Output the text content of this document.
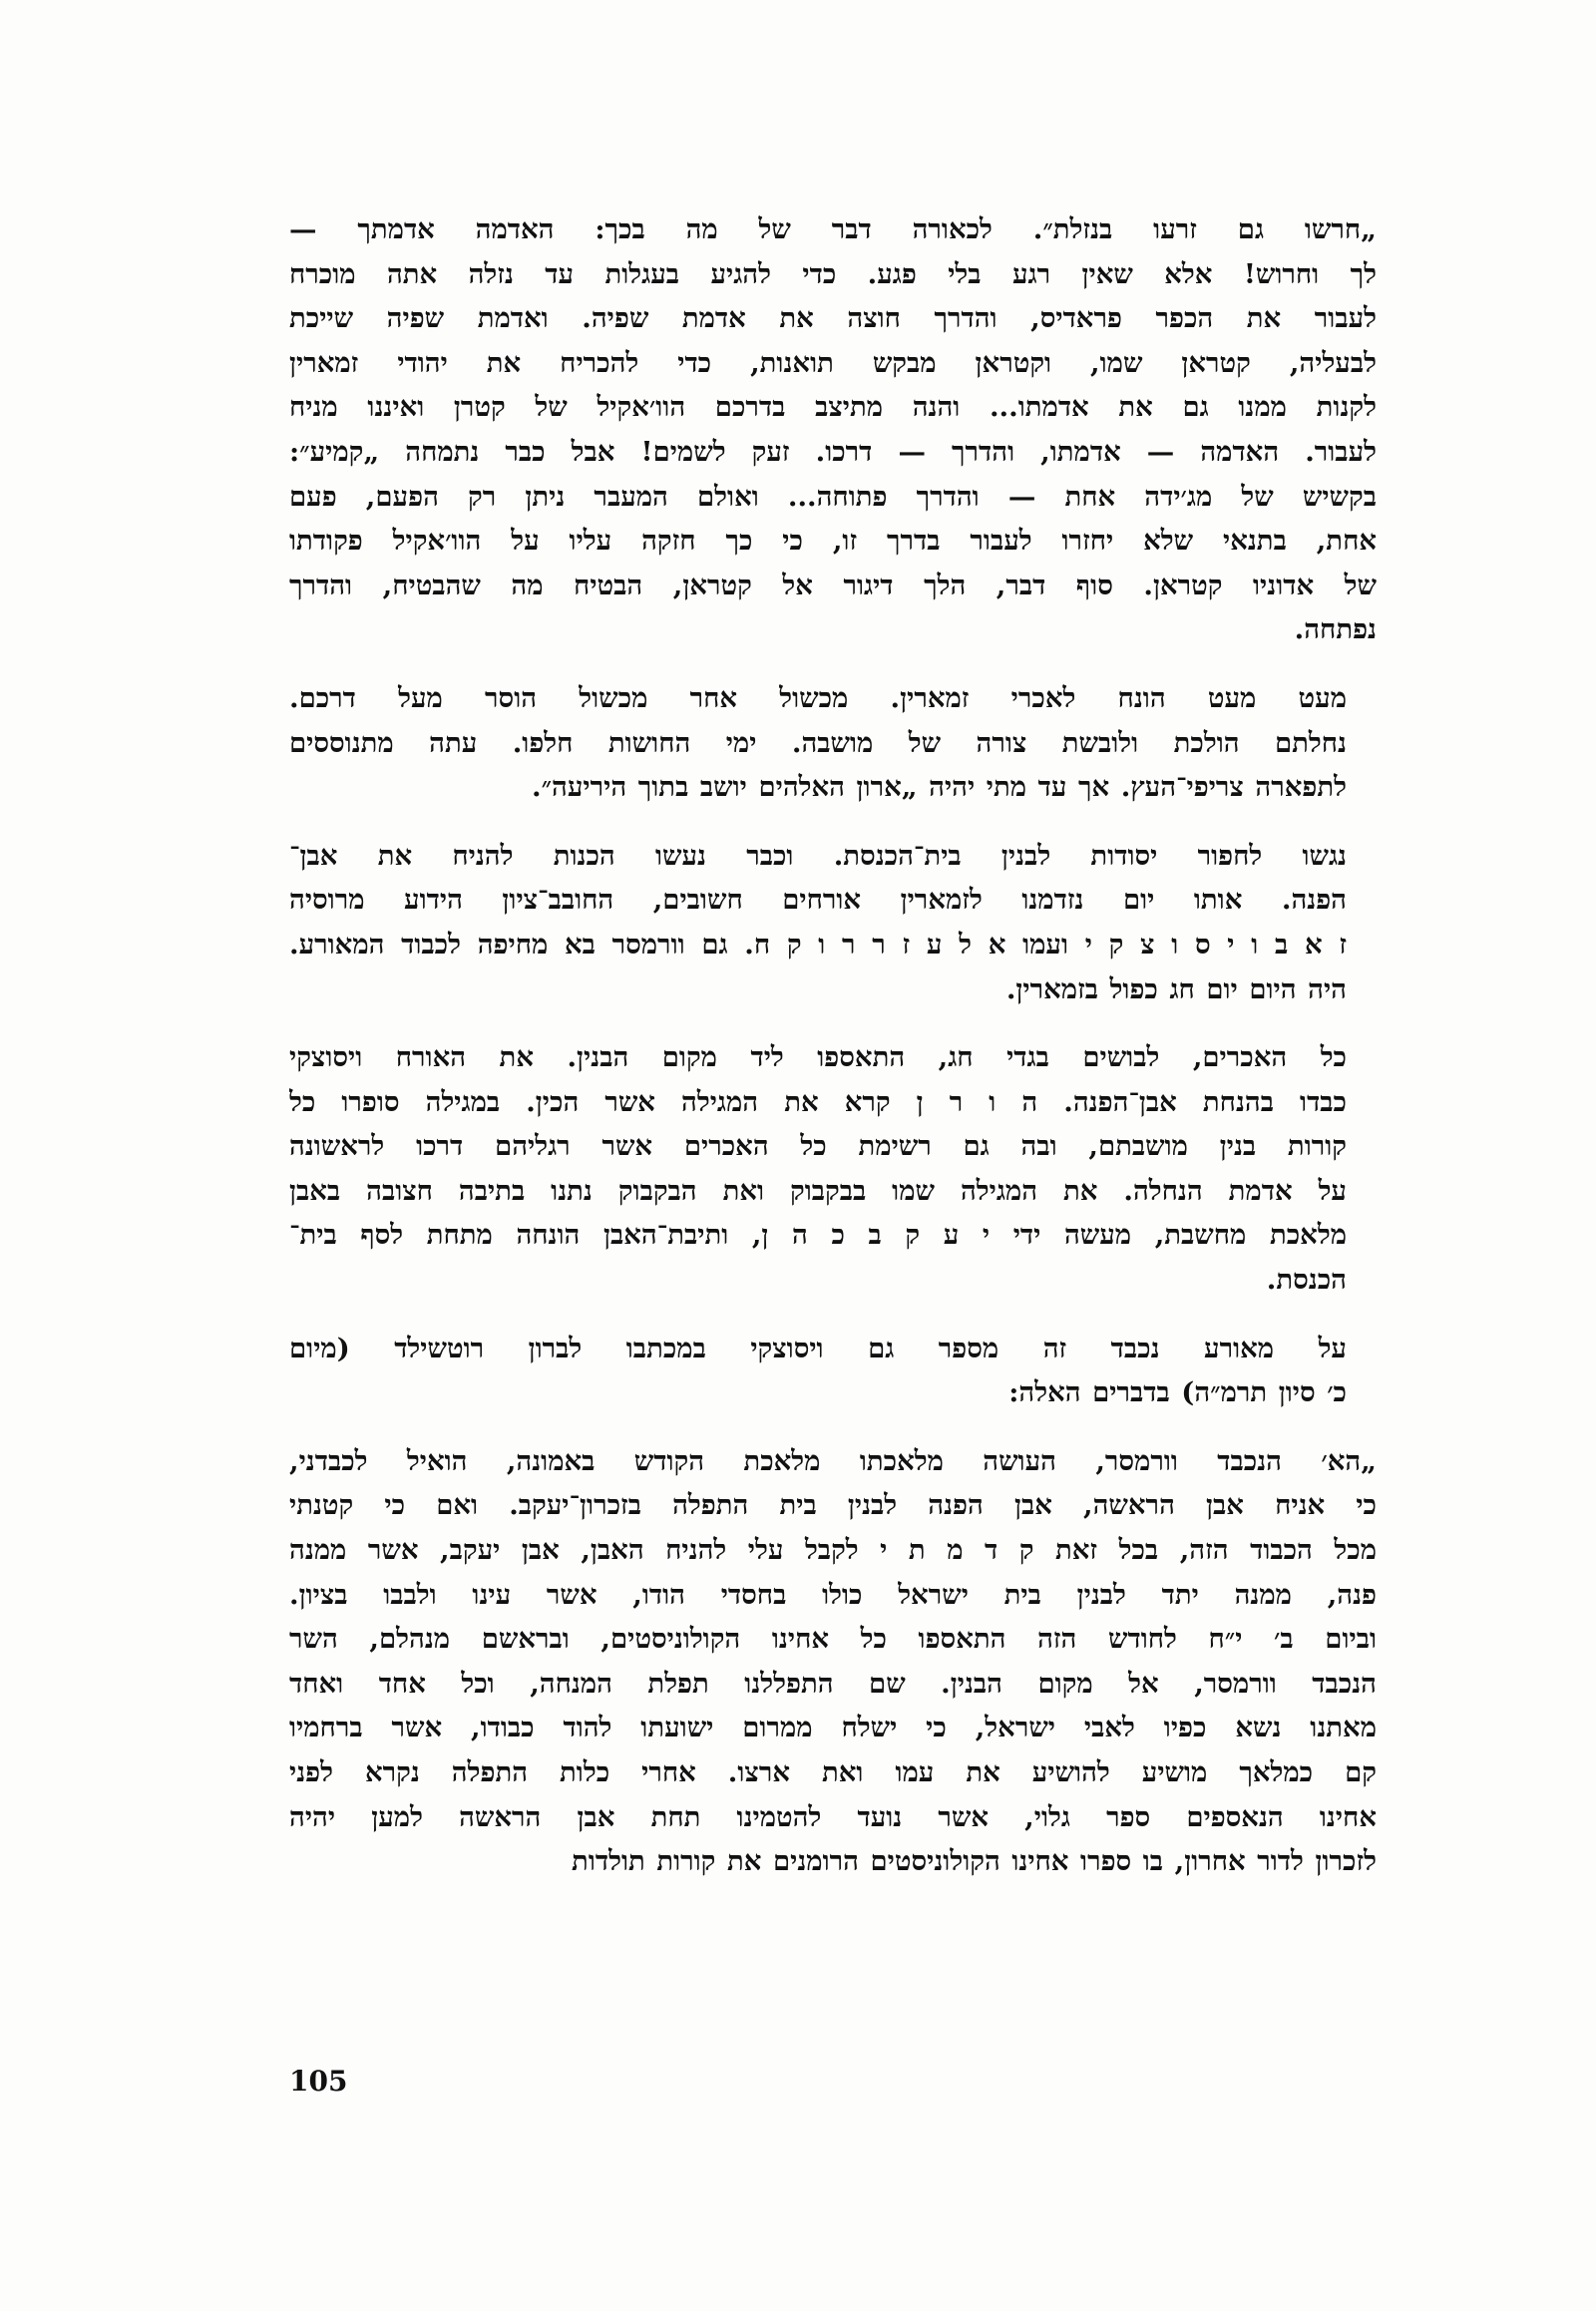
„חרשו גם זרעו בנזלת״. לכאורה דבר של מה בכך: האדמה אדמתך —
לך וחרוש! אלא שאין רגע בלי פגע. כדי להגיע בעגלות עד נזלה אתה מוכרח
לעבור את הכפר פראדיס, והדרך חוצה את אדמת שפיה. ואדמת שפיה שייכת
לבעליה, קטראן שמו, וקטראן מבקש תואנות, כדי להכריח את יהודי זמארין
לקנות ממנו גם את אדמתו... והנה מתיצב בדרכם הוו׳אקיל של קטרן ואיננו מניח
לעבור. האדמה — אדמתו, והדרך — דרכו. זעק לשמים! אבל כבר נתמחה „קמיע״:
בקשיש של מג׳ידה אחת — והדרך פתוחה... ואולם המעבר ניתן רק הפעם, פעם
אחת, בתנאי שלא יחזרו לעבור בדרך זו, כי כך חזקה עליו על הוו׳אקיל פקודתו
של אדוניו קטראן. סוף דבר, הלך דיגור אל קטראן, הבטיח מה שהבטיח, והדרך
נפתחה.
מעט מעט הונח לאכרי זמארין. מכשול אחר מכשול הוסר מעל דרכם.
נחלתם הולכת ולובשת צורה של מושבה. ימי החושות חלפו. עתה מתנוססים
לתפארה צריפי־העץ. אך עד מתי יהיה „ארון האלהים יושב בתוך היריעה״.
נגשו לחפור יסודות לבנין בית־הכנסת. וכבר נעשו הכנות להניח את אבן־
הפנה. אותו יום נזדמנו לזמארין אורחים חשובים, החובב־ציון הידוע מרוסיה
ז א ב ו י ס ו צ ק י ועמו א ל ע ז ר ר ו ק ח. גם וורמסר בא מחיפה לכבוד המאורע.
היה היום יום חג כפול בזמארין.
כל האכרים, לבושים בגדי חג, התאספו ליד מקום הבנין. את האורח ויסוצקי
כבדו בהנחת אבן־הפנה. ה ו ר ן קרא את המגילה אשר הכין. במגילה סופרו כל
קורות בנין מושבתם, ובה גם רשימת כל האכרים אשר רגליהם דרכו לראשונה
על אדמת הנחלה. את המגילה שמו בבקבוק ואת הבקבוק נתנו בתיבה חצובה באבן
מלאכת מחשבת, מעשה ידי י ע ק ב כ ה ן, ותיבת־האבן הונחה מתחת לסף בית־
הכנסת.
על מאורע נכבד זה מספר גם ויסוצקי במכתבו לברון רוטשילד (מיום
כ׳ סיון תרמ״ה) בדברים האלה:
„הא׳ הנכבד וורמסר, העושה מלאכתו מלאכת הקודש באמונה, הואיל לכבדני,
כי אניח אבן הראשה, אבן הפנה לבנין בית התפלה בזכרון־יעקב. ואם כי קטנתי
מכל הכבוד הזה, בכל זאת ק ד מ ת י לקבל עלי להניח האבן, אבן יעקב, אשר ממנה
פנה, ממנה יתד לבנין בית ישראל כולו בחסדי הודו, אשר עינו ולבבו בציון.
וביום ב׳ י״ח לחודש הזה התאספו כל אחינו הקולוניסטים, ובראשם מנהלם, השר
הנכבד וורמסר, אל מקום הבנין. שם התפללנו תפלת המנחה, וכל אחד ואחד
מאתנו נשא כפיו לאבי ישראל, כי ישלח ממרום ישועתו להוד כבודו, אשר ברחמיו
קם כמלאך מושיע להושיע את עמו ואת ארצו. אחרי כלות התפלה נקרא לפני
אחינו הנאספים ספר גלוי, אשר נועד להטמינו תחת אבן הראשה למען יהיה
לזכרון לדור אחרון, בו ספרו אחינו הקולוניסטים הרומנים את קורות תולדות
105
